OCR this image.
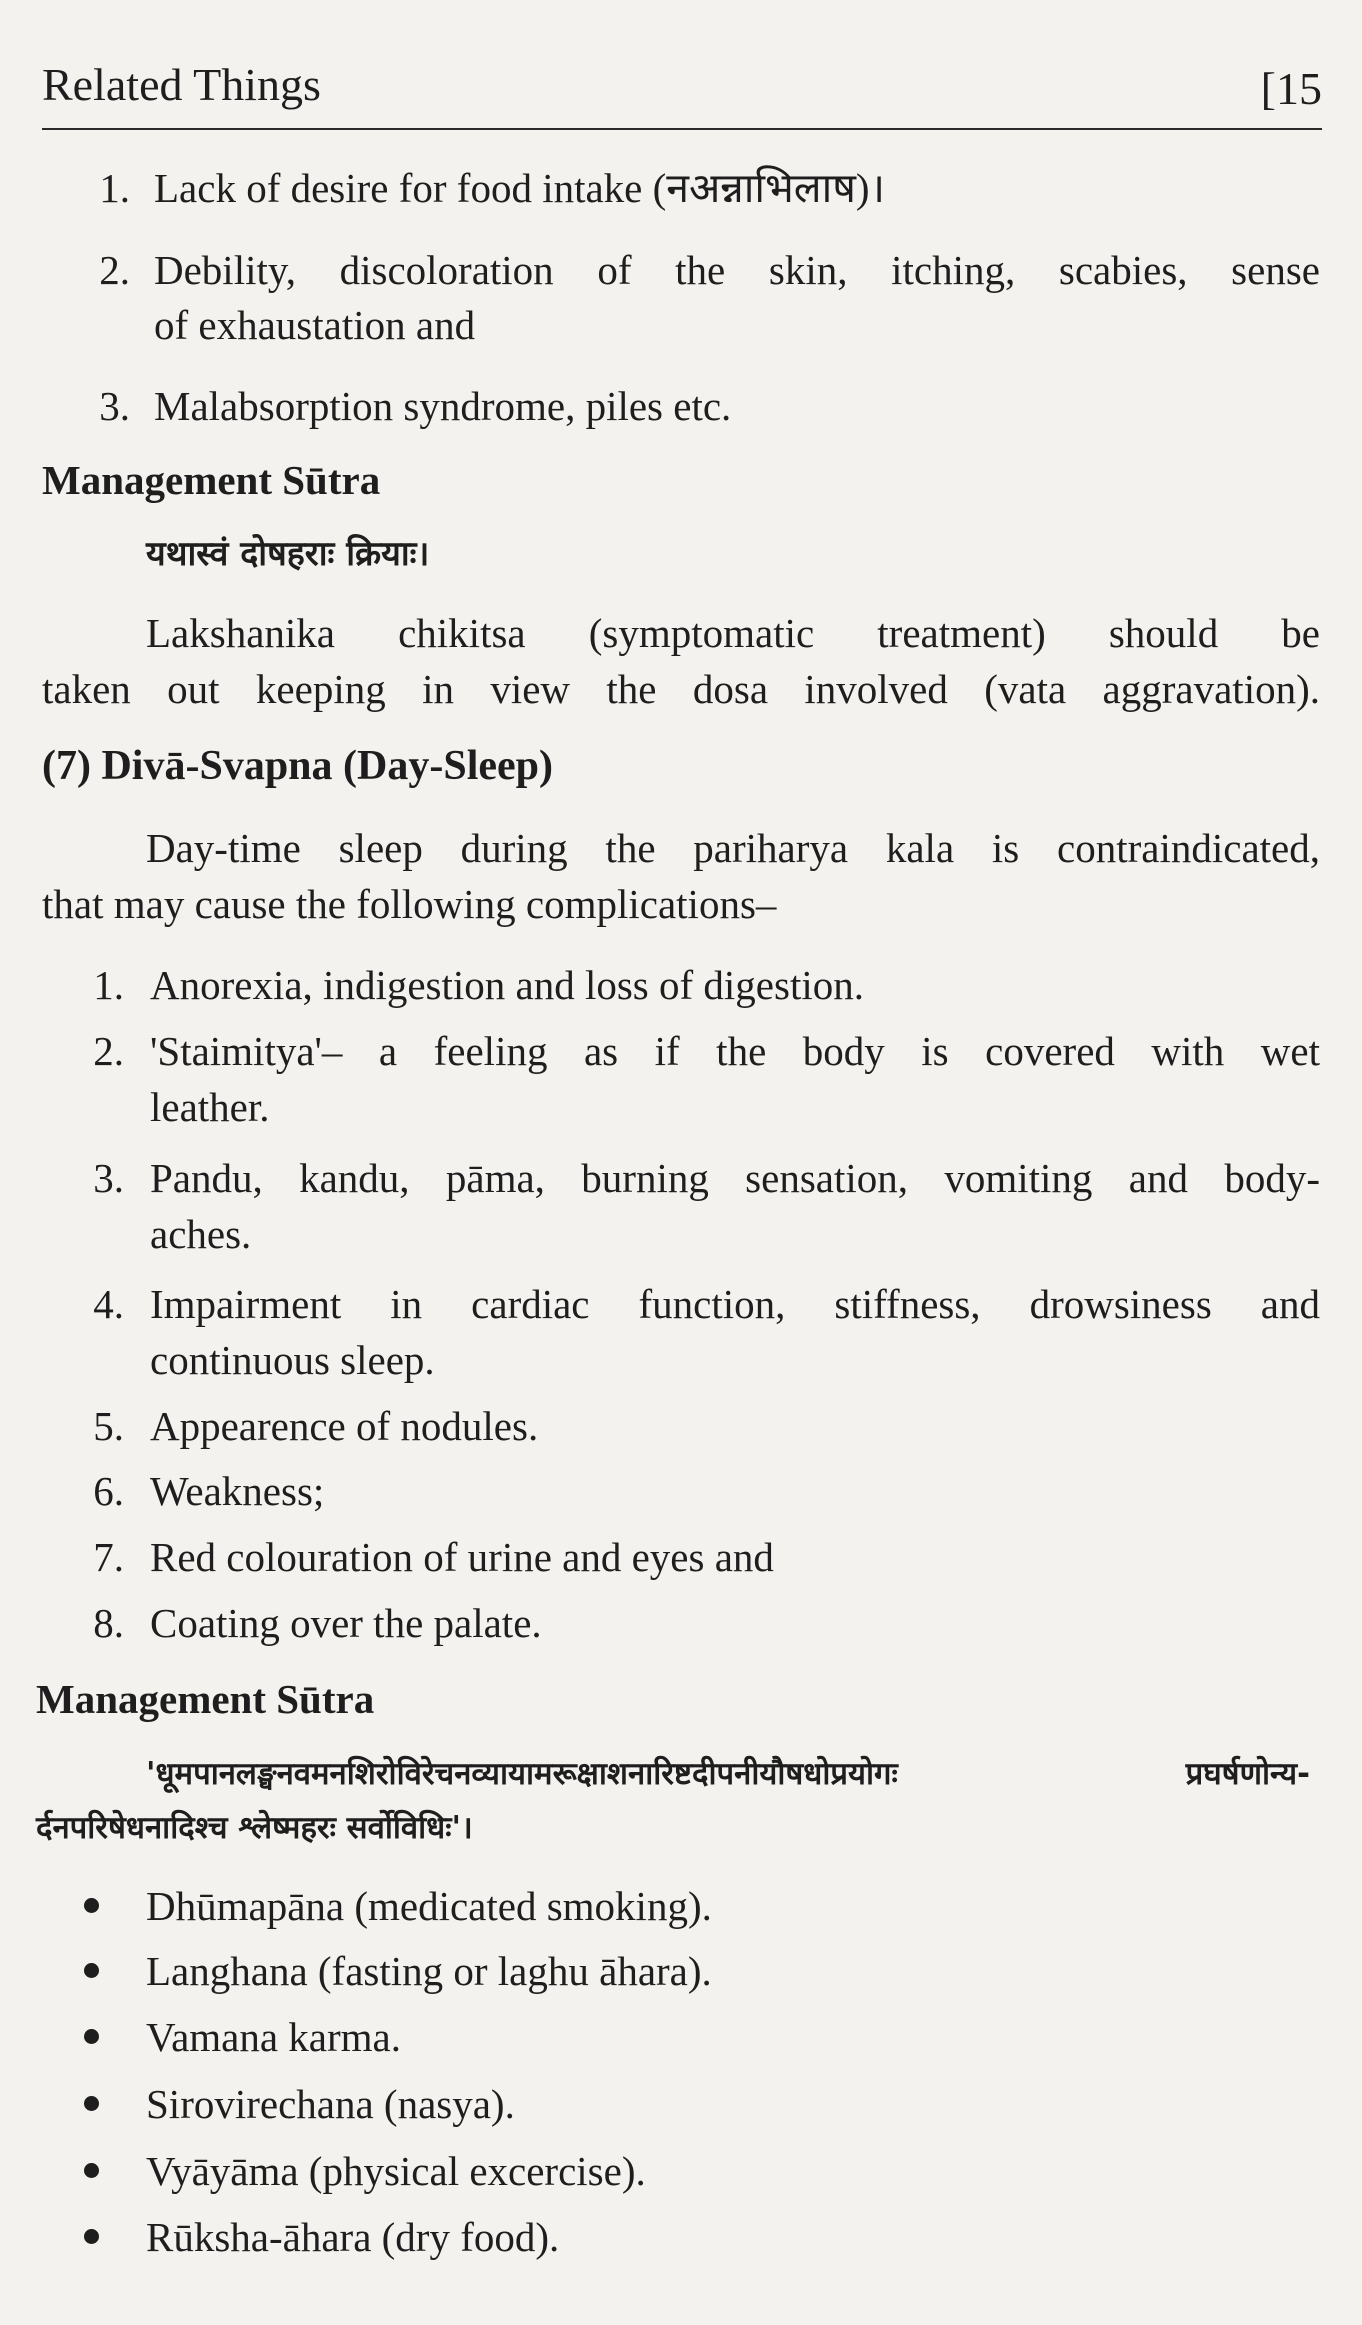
Related Things	[15
1. Lack of desire for food intake (नअन्नाभिलाष)।
2. Debility, discoloration of the skin, itching, scabies, sense
of exhaustation and
3. Malabsorption syndrome, piles etc.
Management Sūtra
यथास्वं दोषहराः क्रियाः।
Lakshanika chikitsa (symptomatic treatment) should be
taken out keeping in view the dosa involved (vata aggravation).
(7) Divā-Svapna (Day-Sleep)
Day-time sleep during the pariharya kala is contraindicated,
that may cause the following complications–
1. Anorexia, indigestion and loss of digestion.
2. 'Staimitya'– a feeling as if the body is covered with wet
leather.
3. Pandu, kandu, pāma, burning sensation, vomiting and body-
aches.
4. Impairment in cardiac function, stiffness, drowsiness and
continuous sleep.
5. Appearence of nodules.
6. Weakness;
7. Red colouration of urine and eyes and
8. Coating over the palate.
Management Sūtra
'धूमपानलङ्घनवमनशिरोविरेचनव्यायामरूक्षाशनारिष्टदीपनीयौषधोप्रयोगः प्रघर्षणोन्य-
र्दनपरिषेधनादिश्च श्लेष्महरः सर्वोविधिः'।
Dhūmapāna (medicated smoking).
Langhana (fasting or laghu āhara).
Vamana karma.
Sirovirechana (nasya).
Vyāyāma (physical excercise).
Rūksha-āhara (dry food).
